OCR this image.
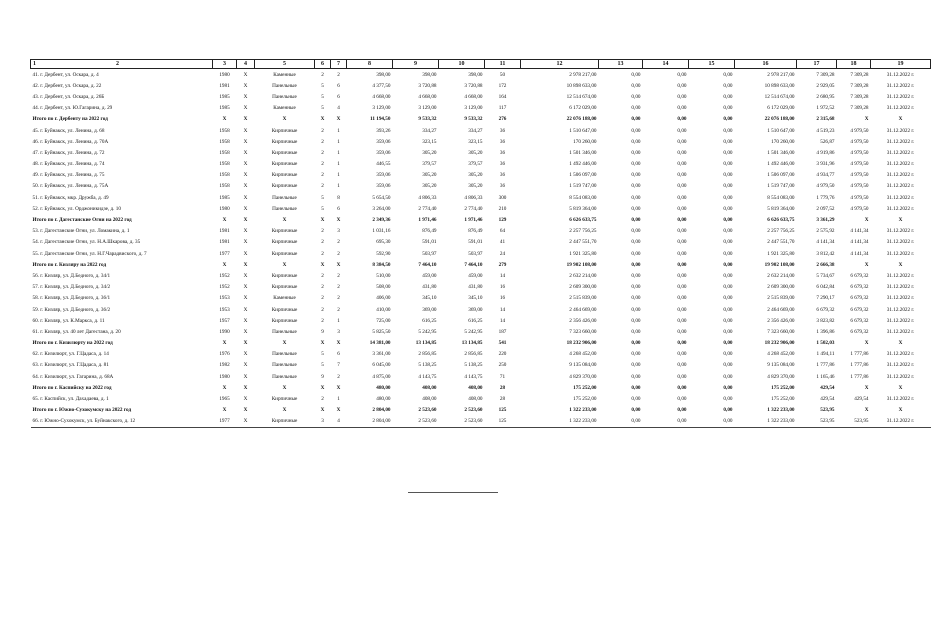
1 2	3	4	5	6	7	8	9	10	11	12	13	14	15	16	17	18	19
41. г. Дербент, ул. Оскара, д. 4	1980	Х	Каменные	2	2	398,00	398,00	398,00	50	2 978 217,00	0,00	0,00	0,00	2 978 217,00	7 309,28	7 309,28	31.12.2022 г.
42. г. Дербент, ул. Оскара, д. 22	1981	Х	Панельные	5	6	4 377,50	3 720,88	3 720,88	172	10 898 633,00	0,00	0,00	0,00	10 898 633,00	2 929,05	7 309,28	31.12.2022 г.
43. г. Дербент, ул. Оскара, д. 26Б	1985	Х	Панельные	5	6	4 668,00	4 668,00	4 668,00	164	12 514 674,00	0,00	0,00	0,00	12 514 674,00	2 680,95	7 309,28	31.12.2022 г.
44. г. Дербент, ул. Ю.Гагарина, д. 29	1985	Х	Каменные	5	4	3 129,00	3 129,00	3 129,00	117	6 172 029,00	0,00	0,00	0,00	6 172 029,00	1 972,52	7 309,28	31.12.2022 г.
Итого по г. Дербенту на 2022 год	Х	Х	Х	Х	Х	11 194,50	9 533,32	9 533,32	276	22 076 188,00	0,00	0,00	0,00	22 076 188,00	2 315,68	Х	Х
45. г. Буйнакск, ул. Ленина, д. 68	1958	Х	Кирпичные	2	1	393,26	334,27	334,27	36	1 510 647,00	0,00	0,00	0,00	1 510 647,00	4 519,23	4 979,50	31.12.2022 г.
46. г. Буйнакск, ул. Ленина, д. 70А	1958	Х	Кирпичные	2	1	359,06	323,15	323,15	36	170 260,00	0,00	0,00	0,00	170 260,00	526,87	4 979,50	31.12.2022 г.
47. г. Буйнакск, ул. Ленина, д. 72	1958	Х	Кирпичные	2	1	359,06	305,20	305,20	36	1 501 346,00	0,00	0,00	0,00	1 501 346,00	4 919,86	4 979,50	31.12.2022 г.
48. г. Буйнакск, ул. Ленина, д. 74	1958	Х	Кирпичные	2	1	446,55	379,57	379,57	36	1 492 446,00	0,00	0,00	0,00	1 492 446,00	3 931,96	4 979,50	31.12.2022 г.
49. г. Буйнакск, ул. Ленина, д. 75	1958	Х	Кирпичные	2	1	359,06	305,20	305,20	36	1 506 097,00	0,00	0,00	0,00	1 506 097,00	4 934,77	4 979,50	31.12.2022 г.
50. г. Буйнакск, ул. Ленина, д. 75А	1958	Х	Кирпичные	2	1	359,06	305,20	305,20	36	1 519 747,00	0,00	0,00	0,00	1 519 747,00	4 979,50	4 979,50	31.12.2022 г.
51. г. Буйнакск, мкр. Дружба, д. 49	1985	Х	Панельные	5	8	5 654,50	4 806,33	4 806,33	300	8 554 083,00	0,00	0,00	0,00	8 554 083,00	1 779,76	4 979,50	31.12.2022 г.
52. г. Буйнакск, ул. Орджоникидзе, д. 10	1980	Х	Панельные	5	6	3 264,00	2 774,40	2 774,40	210	5 819 364,00	0,00	0,00	0,00	5 819 364,00	2 097,52	4 979,50	31.12.2022 г.
Итого по г. Дагестанские Огни на 2022 год	Х	Х	Х	Х	Х	2 349,36	1 971,46	1 971,46	129	6 626 633,75	0,00	0,00	0,00	6 626 633,75	3 361,29	Х	Х
53. г. Дагестанские Огни, ул. Ломакина, д. 1	1981	Х	Кирпичные	2	3	1 031,16	876,49	876,49	64	2 257 756,25	0,00	0,00	0,00	2 257 756,25	2 575,92	4 141,34	31.12.2022 г.
54. г. Дагестанские Огни, ул. Н.А.Шкарова, д. 35	1981	Х	Кирпичные	2	2	695,30	591,01	591,01	41	2 447 551,70	0,00	0,00	0,00	2 447 551,70	4 141,34	4 141,34	31.12.2022 г.
55. г. Дагестанские Огни, ул. Н.Г.Чарадвиского, д. 7	1977	Х	Кирпичные	2	2	592,90	503,97	503,97	24	1 921 325,80	0,00	0,00	0,00	1 921 325,80	3 812,42	4 141,34	31.12.2022 г.
Итого по г. Кизляру на 2022 год	Х	Х	Х	Х	Х	8 384,50	7 464,10	7 464,10	279	19 902 108,00	0,00	0,00	0,00	19 902 108,00	2 666,38	Х	Х
56. г. Кизляр, ул. Д.Бедного, д. 34/1	1952	Х	Кирпичные	2	2	510,00	459,00	459,00	14	2 632 214,00	0,00	0,00	0,00	2 632 214,00	5 734,67	6 679,32	31.12.2022 г.
57. г. Кизляр, ул. Д.Бедного, д. 34/2	1952	Х	Кирпичные	2	2	508,00	431,80	431,80	16	2 609 300,00	0,00	0,00	0,00	2 609 300,00	6 042,84	6 679,32	31.12.2022 г.
58. г. Кизляр, ул. Д.Бедного, д. 36/1	1953	Х	Каменные	2	2	406,00	345,10	345,10	16	2 515 839,00	0,00	0,00	0,00	2 515 839,00	7 290,17	6 679,32	31.12.2022 г.
59. г. Кизляр, ул. Д.Бедного, д. 36/2	1953	Х	Кирпичные	2	2	410,00	369,00	369,00	14	2 464 669,00	0,00	0,00	0,00	2 464 669,00	6 679,32	6 679,32	31.12.2022 г.
60. г. Кизляр, ул. К.Маркса, д. 11	1957	Х	Кирпичные	2	1	725,00	616,25	616,25	14	2 356 426,00	0,00	0,00	0,00	2 356 426,00	3 823,82	6 679,32	31.12.2022 г.
61. г. Кизляр, ул. 40 лет Дагестана, д. 20	1990	Х	Панельные	9	3	5 825,50	5 242,95	5 242,95	187	7 323 660,00	0,00	0,00	0,00	7 323 660,00	1 396,86	6 679,32	31.12.2022 г.
Итого по г. Кизилюрту на 2022 год	Х	Х	Х	Х	Х	14 381,00	13 134,85	13 134,85	541	18 232 906,00	0,00	0,00	0,00	18 232 906,00	1 502,03	Х	Х
62. г. Кизилюрт, ул. Г.Цадаса, д. 14	1976	Х	Панельные	5	6	3 361,00	2 856,85	2 856,85	220	4 268 452,00	0,00	0,00	0,00	4 268 452,00	1 494,11	1 777,86	31.12.2022 г.
63. г. Кизилюрт, ул. Г.Цадаса, д. 81	1982	Х	Панельные	5	7	6 045,00	5 138,25	5 138,25	250	9 135 084,00	0,00	0,00	0,00	9 135 084,00	1 777,86	1 777,86	31.12.2022 г.
64. г. Кизилюрт, ул. Гагарина, д. 68А	1980	Х	Панельные	9	2	4 875,00	4 143,75	4 143,75	71	4 829 370,00	0,00	0,00	0,00	4 829 370,00	1 165,46	1 777,86	31.12.2022 г.
Итого по г. Каспийску на 2022 год	Х	Х	Х	Х	Х	480,00	408,00	408,00	28	175 252,00	0,00	0,00	0,00	175 252,00	429,54	Х	Х
65. г. Каспийск, ул. Дахадаева, д. 1	1965	Х	Кирпичные	2	1	480,00	408,00	408,00	28	175 252,00	0,00	0,00	0,00	175 252,00	429,54	429,54	31.12.2022 г.
Итого по г. Южно-Сухокумску на 2022 год	Х	Х	Х	Х	Х	2 804,00	2 523,60	2 523,60	125	1 322 233,00	0,00	0,00	0,00	1 322 233,00	523,95	Х	Х
66. г. Южно-Сухокумск, ул. Буйнакского, д. 12	1977	Х	Кирпичные	3	4	2 804,00	2 523,60	2 523,60	125	1 322 233,00	0,00	0,00	0,00	1 322 233,00	523,95	523,95	31.12.2022 г.
